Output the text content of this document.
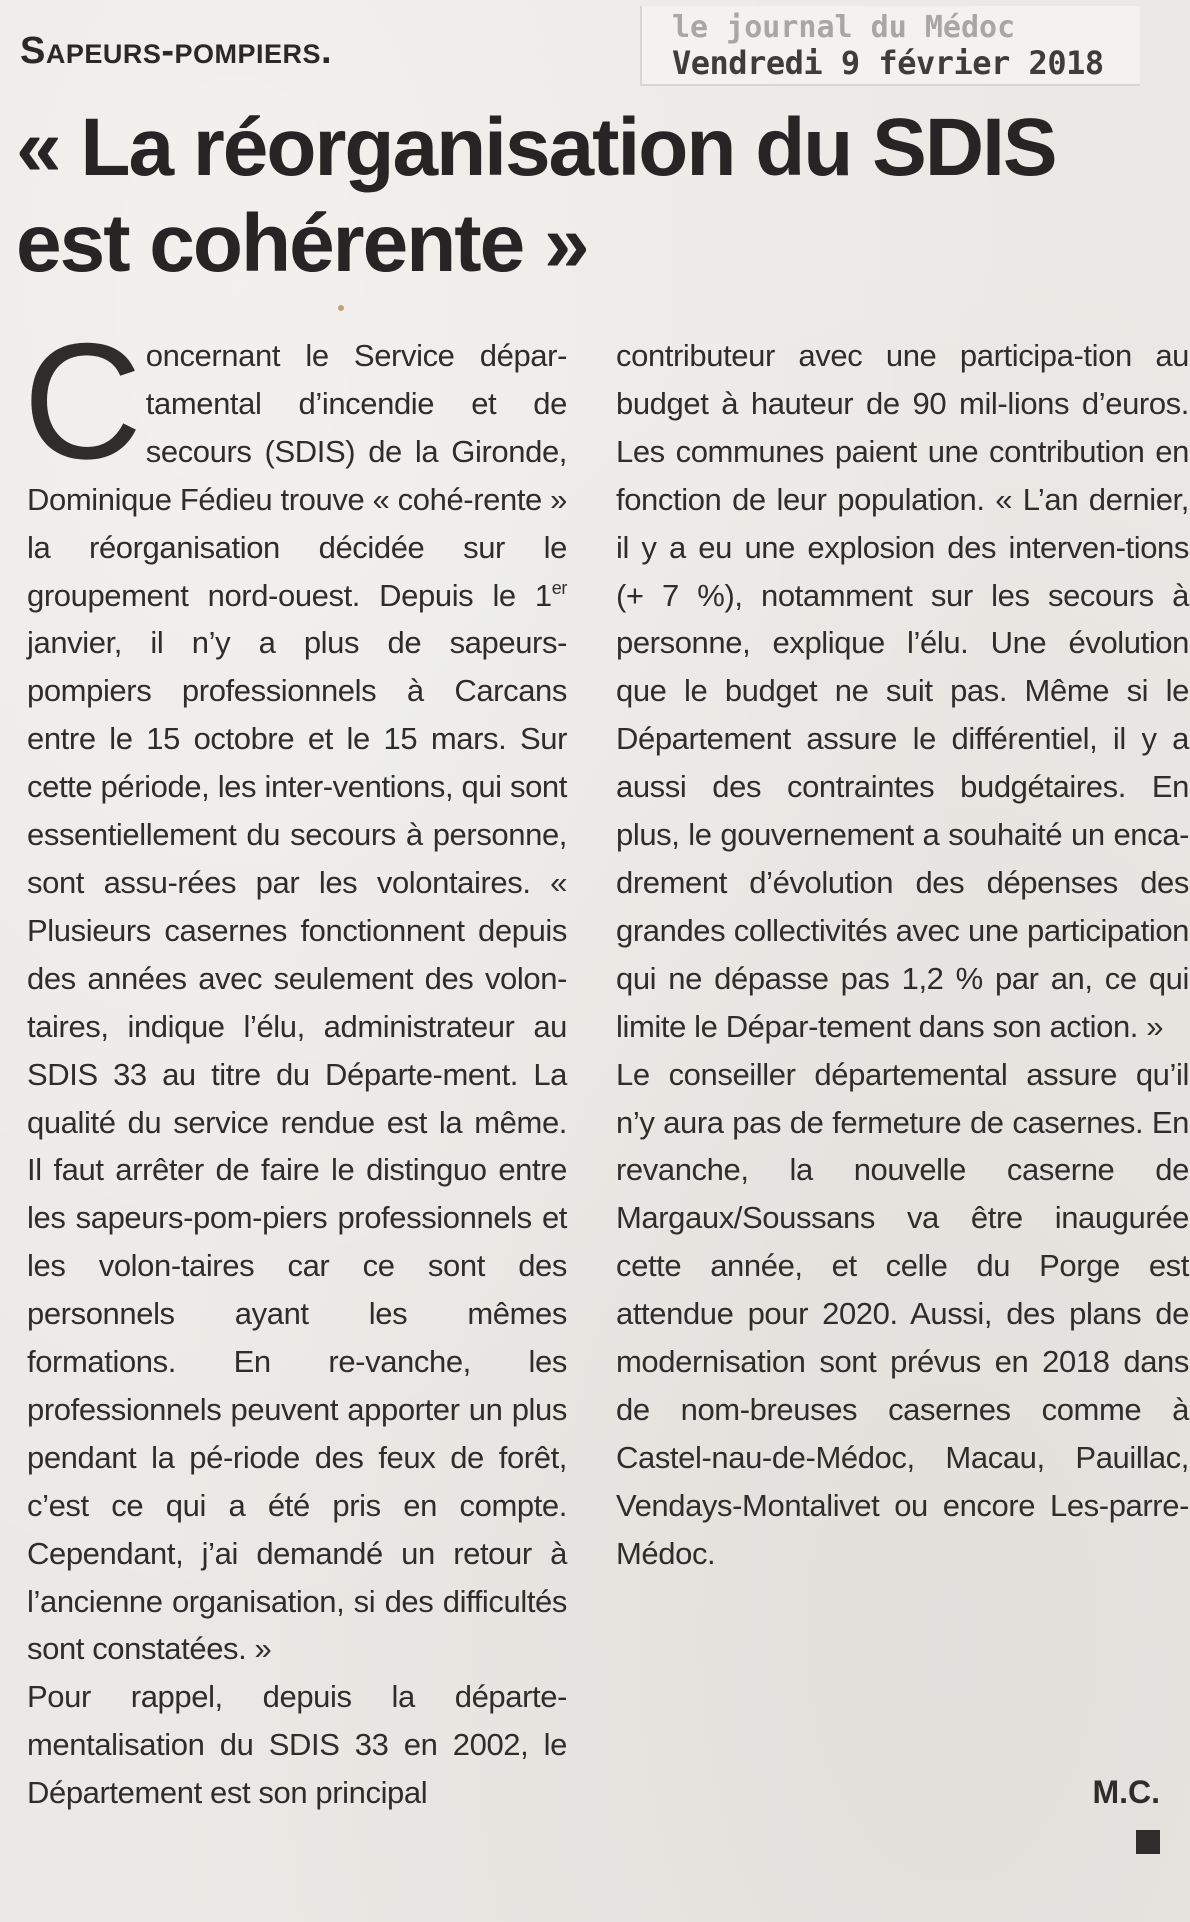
le journal du Médoc
Vendredi 9 février 2018
Sapeurs-pompiers.
« La réorganisation du SDIS
est cohérente »

Concernant le Service dépar-tamental d’incendie et de secours (SDIS) de la Gironde, Dominique Fédieu trouve « cohé-rente » la réorganisation décidée sur le groupement nord-ouest. Depuis le 1er janvier, il n’y a plus de sapeurs-pompiers professionnels à Carcans entre le 15 octobre et le 15 mars. Sur cette période, les inter-ventions, qui sont essentiellement du secours à personne, sont assu-rées par les volontaires. « Plusieurs casernes fonctionnent depuis des années avec seulement des volon-taires, indique l’élu, administrateur au SDIS 33 au titre du Départe-ment. La qualité du service rendue est la même. Il faut arrêter de faire le distinguo entre les sapeurs-pom-piers professionnels et les volon-taires car ce sont des personnels ayant les mêmes formations. En re-vanche, les professionnels peuvent apporter un plus pendant la pé-riode des feux de forêt, c’est ce qui a été pris en compte. Cependant, j’ai demandé un retour à l’ancienne organisation, si des difficultés sont constatées. »

Pour rappel, depuis la départe-mentalisation du SDIS 33 en 2002, le Département est son principal

contributeur avec une participa-tion au budget à hauteur de 90 mil-lions d’euros. Les communes paient une contribution en fonction de leur population. « L’an dernier, il y a eu une explosion des interven-tions (+ 7 %), notamment sur les secours à personne, explique l’élu. Une évolution que le budget ne suit pas. Même si le Département assure le différentiel, il y a aussi des contraintes budgétaires. En plus, le gouvernement a souhaité un enca-drement d’évolution des dépenses des grandes collectivités avec une participation qui ne dépasse pas 1,2 % par an, ce qui limite le Dépar-tement dans son action. »

Le conseiller départemental assure qu’il n’y aura pas de fermeture de casernes. En revanche, la nouvelle caserne de Margaux/Soussans va être inaugurée cette année, et celle du Porge est attendue pour 2020. Aussi, des plans de modernisation sont prévus en 2018 dans de nom-breuses casernes comme à Castel-nau-de-Médoc, Macau, Pauillac, Vendays-Montalivet ou encore Les-parre-Médoc.

M.C.
